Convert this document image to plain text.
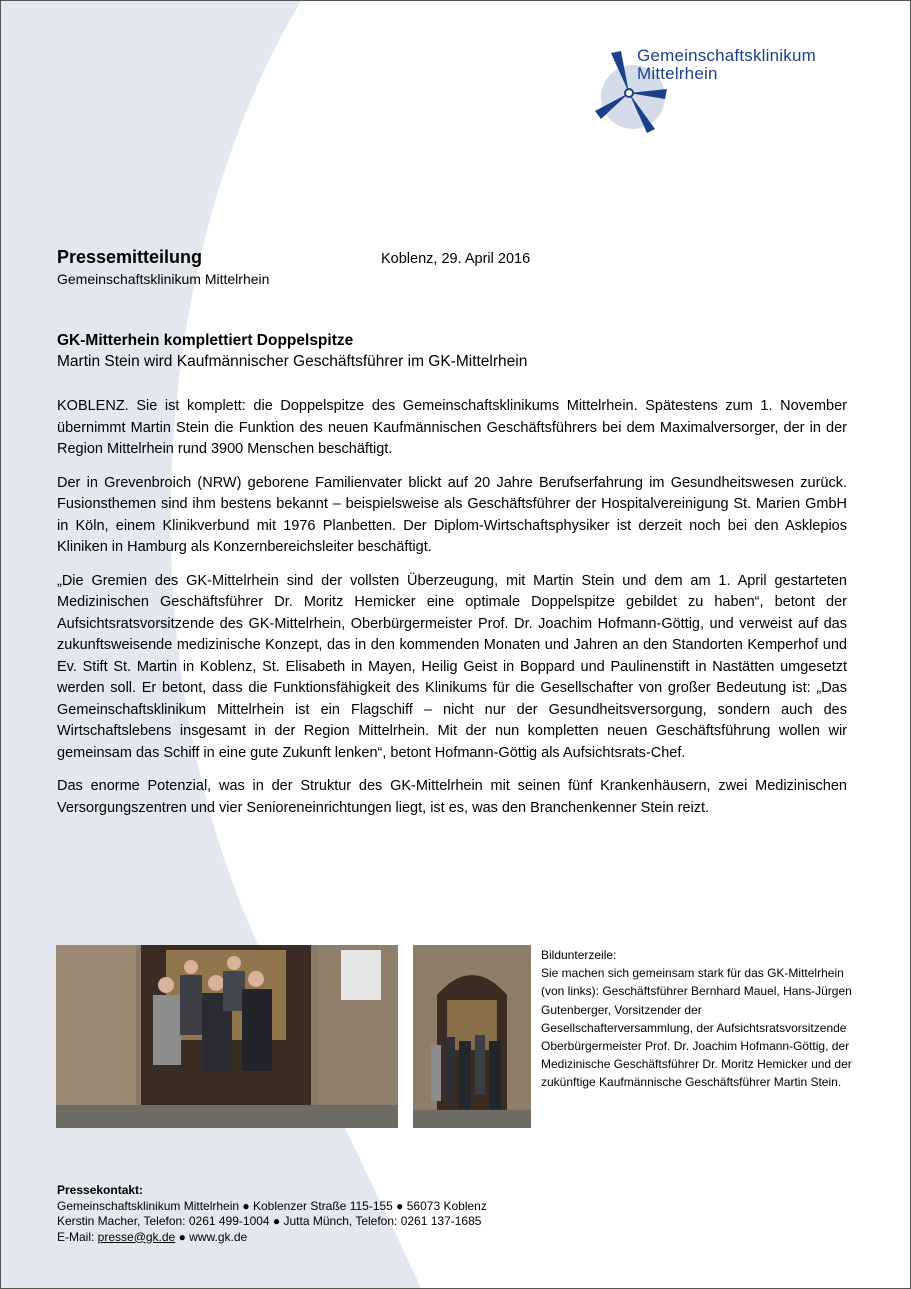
Gemeinschaftsklinikum
Mittelrhein
Pressemitteilung
Gemeinschaftsklinikum Mittelrhein
Koblenz, 29. April 2016
GK-Mitterhein komplettiert Doppelspitze
Martin Stein wird Kaufmännischer Geschäftsführer im GK-Mittelrhein

KOBLENZ. Sie ist komplett: die Doppelspitze des Gemeinschaftsklinikums Mittelrhein. Spätestens zum 1. November übernimmt Martin Stein die Funktion des neuen Kaufmännischen Geschäftsführers bei dem Maximalversorger, der in der Region Mittelrhein rund 3900 Menschen beschäftigt.

Der in Grevenbroich (NRW) geborene Familienvater blickt auf 20 Jahre Berufserfahrung im Gesundheitswesen zurück. Fusionsthemen sind ihm bestens bekannt – beispielsweise als Geschäftsführer der Hospitalvereinigung St. Marien GmbH in Köln, einem Klinikverbund mit 1976 Planbetten. Der Diplom-Wirtschaftsphysiker ist derzeit noch bei den Asklepios Kliniken in Hamburg als Konzernbereichsleiter beschäftigt.

„Die Gremien des GK-Mittelrhein sind der vollsten Überzeugung, mit Martin Stein und dem am 1. April gestarteten Medizinischen Geschäftsführer Dr. Moritz Hemicker eine optimale Doppelspitze gebildet zu haben“, betont der Aufsichtsratsvorsitzende des GK-Mittelrhein, Oberbürgermeister Prof. Dr. Joachim Hofmann-Göttig, und verweist auf das zukunftsweisende medizinische Konzept, das in den kommenden Monaten und Jahren an den Standorten Kemperhof und Ev. Stift St. Martin in Koblenz, St. Elisabeth in Mayen, Heilig Geist in Boppard und Paulinenstift in Nastätten umgesetzt werden soll. Er betont, dass die Funktionsfähigkeit des Klinikums für die Gesellschafter von großer Bedeutung ist: „Das Gemeinschaftsklinikum Mittelrhein ist ein Flagschiff – nicht nur der Gesundheitsversorgung, sondern auch des Wirtschaftslebens insgesamt in der Region Mittelrhein. Mit der nun kompletten neuen Geschäftsführung wollen wir gemeinsam das Schiff in eine gute Zukunft lenken“, betont Hofmann-Göttig als Aufsichtsrats-Chef.

Das enorme Potenzial, was in der Struktur des GK-Mittelrhein mit seinen fünf Krankenhäusern, zwei Medizinischen Versorgungszentren und vier Senioreneinrichtungen liegt, ist es, was den Branchenkenner Stein reizt.

Bildunterzeile:
Sie machen sich gemeinsam stark für das GK-Mittelrhein (von links): Geschäftsführer Bernhard Mauel, Hans-Jürgen Gutenberger, Vorsitzender der Gesellschafterversammlung, der Aufsichtsratsvorsitzende Oberbürgermeister Prof. Dr. Joachim Hofmann-Göttig, der Medizinische Geschäftsführer Dr. Moritz Hemicker und der zukünftige Kaufmännische Geschäftsführer Martin Stein.
Pressekontakt:
Gemeinschaftsklinikum Mittelrhein ● Koblenzer Straße 115-155 ● 56073 Koblenz
Kerstin Macher, Telefon: 0261 499-1004 ● Jutta Münch, Telefon: 0261 137-1685
E-Mail: presse@gk.de ● www.gk.de
